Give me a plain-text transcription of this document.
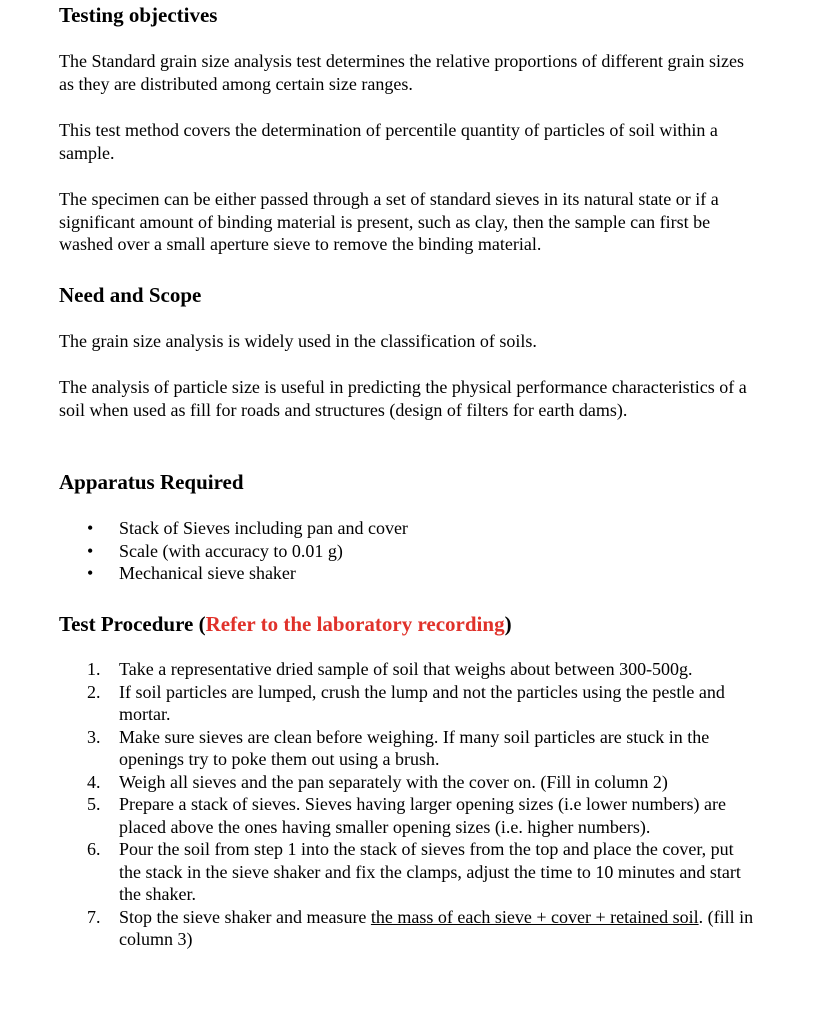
Testing objectives

The Standard grain size analysis test determines the relative proportions of different grain sizes as they are distributed among certain size ranges.

This test method covers the determination of percentile quantity of particles of soil within a sample.

The specimen can be either passed through a set of standard sieves in its natural state or if a significant amount of binding material is present, such as clay, then the sample can first be washed over a small aperture sieve to remove the binding material.

Need and Scope

The grain size analysis is widely used in the classification of soils.

The analysis of particle size is useful in predicting the physical performance characteristics of a soil when used as fill for roads and structures (design of filters for earth dams).

Apparatus Required
• Stack of Sieves including pan and cover
• Scale (with accuracy to 0.01 g)
• Mechanical sieve shaker
Test Procedure (Refer to the laboratory recording)
1. Take a representative dried sample of soil that weighs about between 300-500g.
2. If soil particles are lumped, crush the lump and not the particles using the pestle and mortar.
3. Make sure sieves are clean before weighing. If many soil particles are stuck in the openings try to poke them out using a brush.
4. Weigh all sieves and the pan separately with the cover on. (Fill in column 2)
5. Prepare a stack of sieves. Sieves having larger opening sizes (i.e lower numbers) are placed above the ones having smaller opening sizes (i.e. higher numbers).
6. Pour the soil from step 1 into the stack of sieves from the top and place the cover, put the stack in the sieve shaker and fix the clamps, adjust the time to 10 minutes and start the shaker.
7. Stop the sieve shaker and measure the mass of each sieve + cover + retained soil. (fill in column 3)
